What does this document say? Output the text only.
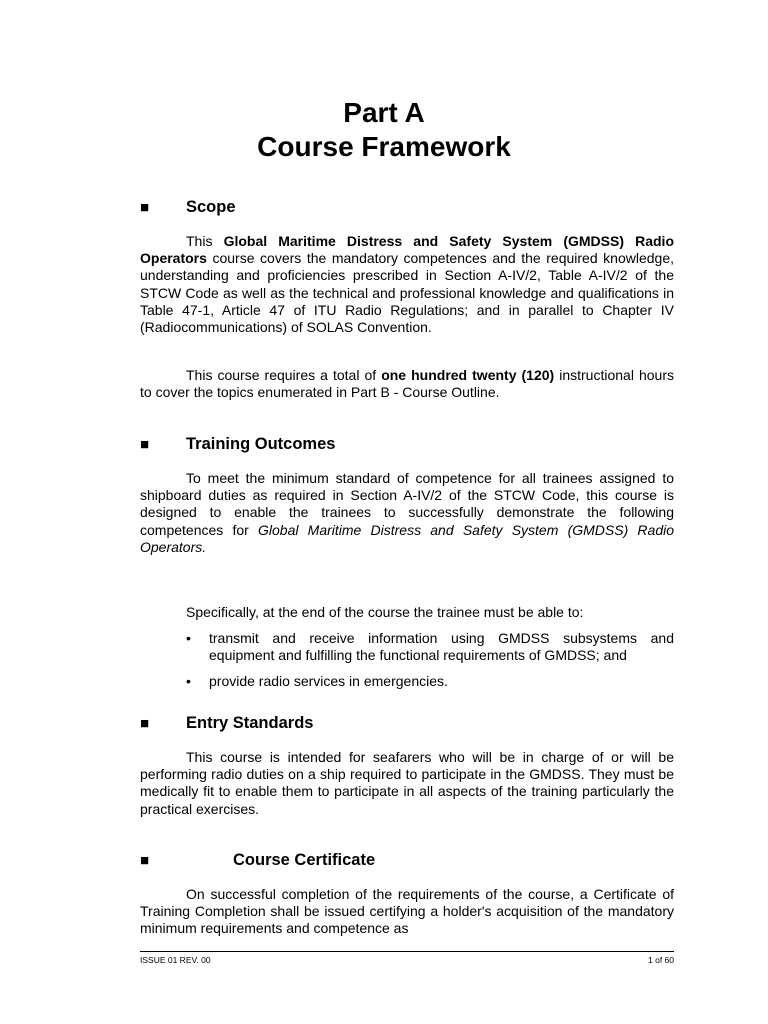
Part A
Course Framework
■ Scope

This Global Maritime Distress and Safety System (GMDSS) Radio Operators course covers the mandatory competences and the required knowledge, understanding and proficiencies prescribed in Section A-IV/2, Table A-IV/2 of the STCW Code as well as the technical and professional knowledge and qualifications in Table 47-1, Article 47 of ITU Radio Regulations; and in parallel to Chapter IV (Radiocommunications) of SOLAS Convention.

This course requires a total of one hundred twenty (120) instructional hours to cover the topics enumerated in Part B - Course Outline.

■ Training Outcomes

To meet the minimum standard of competence for all trainees assigned to shipboard duties as required in Section A-IV/2 of the STCW Code, this course is designed to enable the trainees to successfully demonstrate the following competences for Global Maritime Distress and Safety System (GMDSS) Radio Operators.

Specifically, at the end of the course the trainee must be able to:

• transmit and receive information using GMDSS subsystems and equipment and fulfilling the functional requirements of GMDSS; and
• provide radio services in emergencies.
■ Entry Standards

This course is intended for seafarers who will be in charge of or will be performing radio duties on a ship required to participate in the GMDSS. They must be medically fit to enable them to participate in all aspects of the training particularly the practical exercises.

■	Course Certificate

On successful completion of the requirements of the course, a Certificate of Training Completion shall be issued certifying a holder's acquisition of the mandatory minimum requirements and competence as

ISSUE 01 REV. 00	1 of 60
